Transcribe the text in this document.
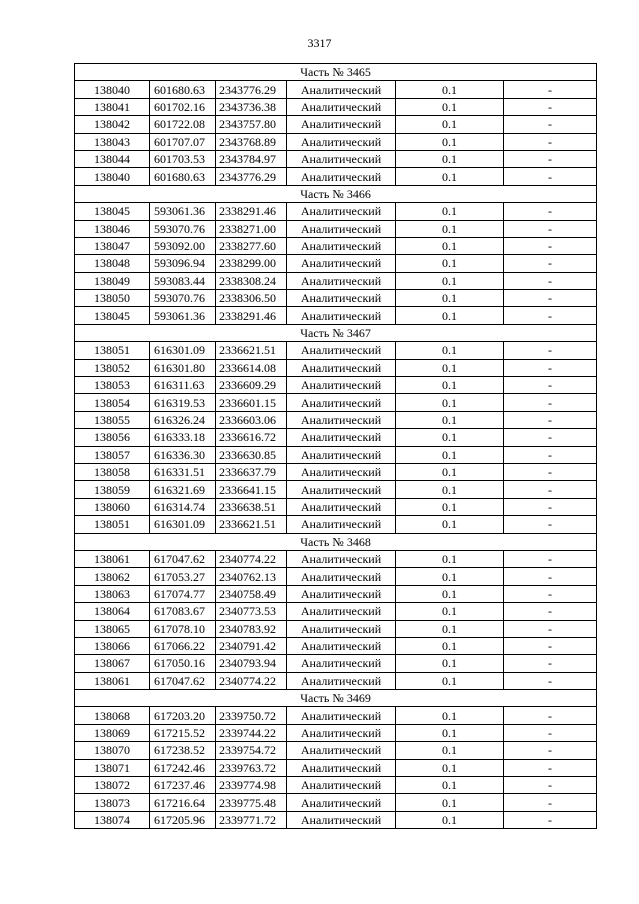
3317
Часть № 3465					
138040	601680.63	2343776.29	Аналитический	0.1	-
138041	601702.16	2343736.38	Аналитический	0.1	-
138042	601722.08	2343757.80	Аналитический	0.1	-
138043	601707.07	2343768.89	Аналитический	0.1	-
138044	601703.53	2343784.97	Аналитический	0.1	-
138040	601680.63	2343776.29	Аналитический	0.1	-
Часть № 3466					
138045	593061.36	2338291.46	Аналитический	0.1	-
138046	593070.76	2338271.00	Аналитический	0.1	-
138047	593092.00	2338277.60	Аналитический	0.1	-
138048	593096.94	2338299.00	Аналитический	0.1	-
138049	593083.44	2338308.24	Аналитический	0.1	-
138050	593070.76	2338306.50	Аналитический	0.1	-
138045	593061.36	2338291.46	Аналитический	0.1	-
Часть № 3467					
138051	616301.09	2336621.51	Аналитический	0.1	-
138052	616301.80	2336614.08	Аналитический	0.1	-
138053	616311.63	2336609.29	Аналитический	0.1	-
138054	616319.53	2336601.15	Аналитический	0.1	-
138055	616326.24	2336603.06	Аналитический	0.1	-
138056	616333.18	2336616.72	Аналитический	0.1	-
138057	616336.30	2336630.85	Аналитический	0.1	-
138058	616331.51	2336637.79	Аналитический	0.1	-
138059	616321.69	2336641.15	Аналитический	0.1	-
138060	616314.74	2336638.51	Аналитический	0.1	-
138051	616301.09	2336621.51	Аналитический	0.1	-
Часть № 3468					
138061	617047.62	2340774.22	Аналитический	0.1	-
138062	617053.27	2340762.13	Аналитический	0.1	-
138063	617074.77	2340758.49	Аналитический	0.1	-
138064	617083.67	2340773.53	Аналитический	0.1	-
138065	617078.10	2340783.92	Аналитический	0.1	-
138066	617066.22	2340791.42	Аналитический	0.1	-
138067	617050.16	2340793.94	Аналитический	0.1	-
138061	617047.62	2340774.22	Аналитический	0.1	-
Часть № 3469					
138068	617203.20	2339750.72	Аналитический	0.1	-
138069	617215.52	2339744.22	Аналитический	0.1	-
138070	617238.52	2339754.72	Аналитический	0.1	-
138071	617242.46	2339763.72	Аналитический	0.1	-
138072	617237.46	2339774.98	Аналитический	0.1	-
138073	617216.64	2339775.48	Аналитический	0.1	-
138074	617205.96	2339771.72	Аналитический	0.1	-
